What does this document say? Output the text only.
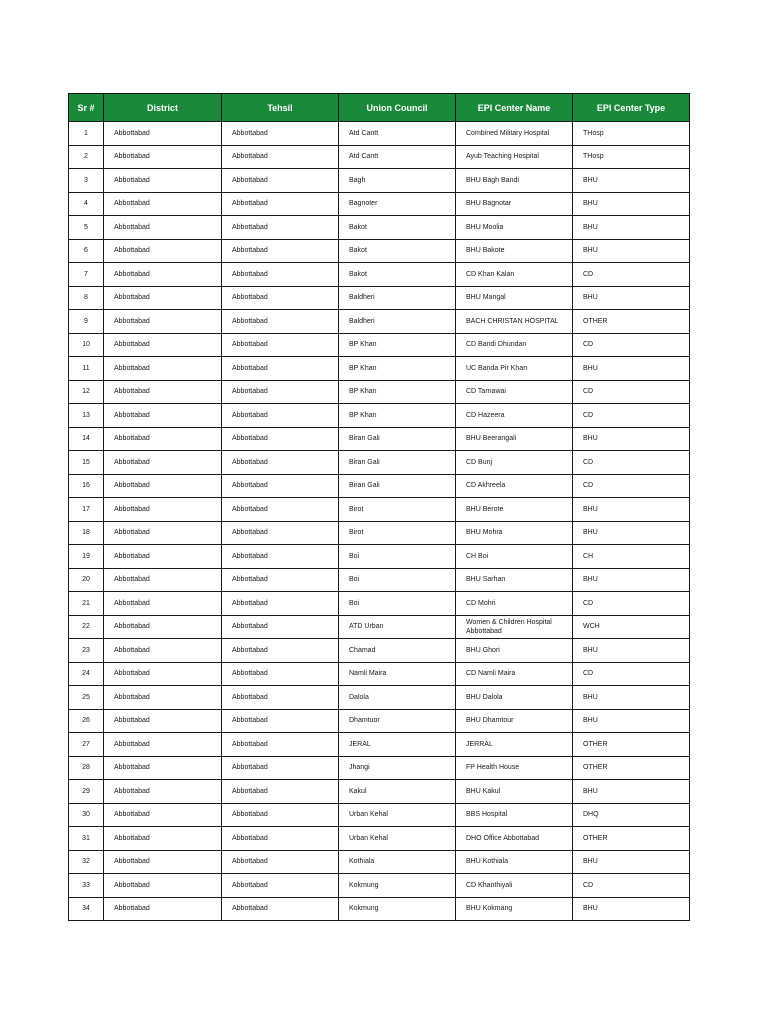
Sr #	District	Tehsil	Union Council	EPI Center Name	EPI Center Type
1	Abbottabad	Abbottabad	Atd Cantt	Combined Military Hospital	THosp
2	Abbottabad	Abbottabad	Atd Cantt	Ayub Teaching Hospital	THosp
3	Abbottabad	Abbottabad	Bagh	BHU Bagh Bandi	BHU
4	Abbottabad	Abbottabad	Bagnoter	BHU Bagnotar	BHU
5	Abbottabad	Abbottabad	Bakot	BHU Moolia	BHU
6	Abbottabad	Abbottabad	Bakot	BHU Bakote	BHU
7	Abbottabad	Abbottabad	Bakot	CD Khan Kalan	CD
8	Abbottabad	Abbottabad	Baldheri	BHU Mangal	BHU
9	Abbottabad	Abbottabad	Baldheri	BACH CHRISTAN HOSPITAL	OTHER
10	Abbottabad	Abbottabad	BP Khan	CD Bandi Dhundan	CD
11	Abbottabad	Abbottabad	BP Khan	UC Banda Pir Khan	BHU
12	Abbottabad	Abbottabad	BP Khan	CD Tarnawai	CD
13	Abbottabad	Abbottabad	BP Khan	CD Hazeera	CD
14	Abbottabad	Abbottabad	Biran Gali	BHU Beerangali	BHU
15	Abbottabad	Abbottabad	Biran Gali	CD Bunj	CD
16	Abbottabad	Abbottabad	Biran Gali	CD Akhreela	CD
17	Abbottabad	Abbottabad	Birot	BHU Berote	BHU
18	Abbottabad	Abbottabad	Birot	BHU Mohra	BHU
19	Abbottabad	Abbottabad	Boi	CH Boi	CH
20	Abbottabad	Abbottabad	Boi	BHU Sarhan	BHU
21	Abbottabad	Abbottabad	Boi	CD Mohri	CD
22	Abbottabad	Abbottabad	ATD Urban	Women & Children Hospital Abbottabad	WCH
23	Abbottabad	Abbottabad	Chamad	BHU Ghori	BHU
24	Abbottabad	Abbottabad	Namli Maira	CD Namli Maira	CD
25	Abbottabad	Abbottabad	Dalola	BHU Dalola	BHU
26	Abbottabad	Abbottabad	Dhamtuor	BHU Dhamtour	BHU
27	Abbottabad	Abbottabad	JERAL	JERRAL	OTHER
28	Abbottabad	Abbottabad	Jhangi	FP Health House	OTHER
29	Abbottabad	Abbottabad	Kakul	BHU Kakul	BHU
30	Abbottabad	Abbottabad	Urban Kehal	BBS Hospital	DHQ
31	Abbottabad	Abbottabad	Urban Kehal	DHO Office Abbottabad	OTHER
32	Abbottabad	Abbottabad	Kothiala	BHU Kothiala	BHU
33	Abbottabad	Abbottabad	Kokmung	CD Khanthiyali	CD
34	Abbottabad	Abbottabad	Kokmung	BHU Kokmang	BHU
